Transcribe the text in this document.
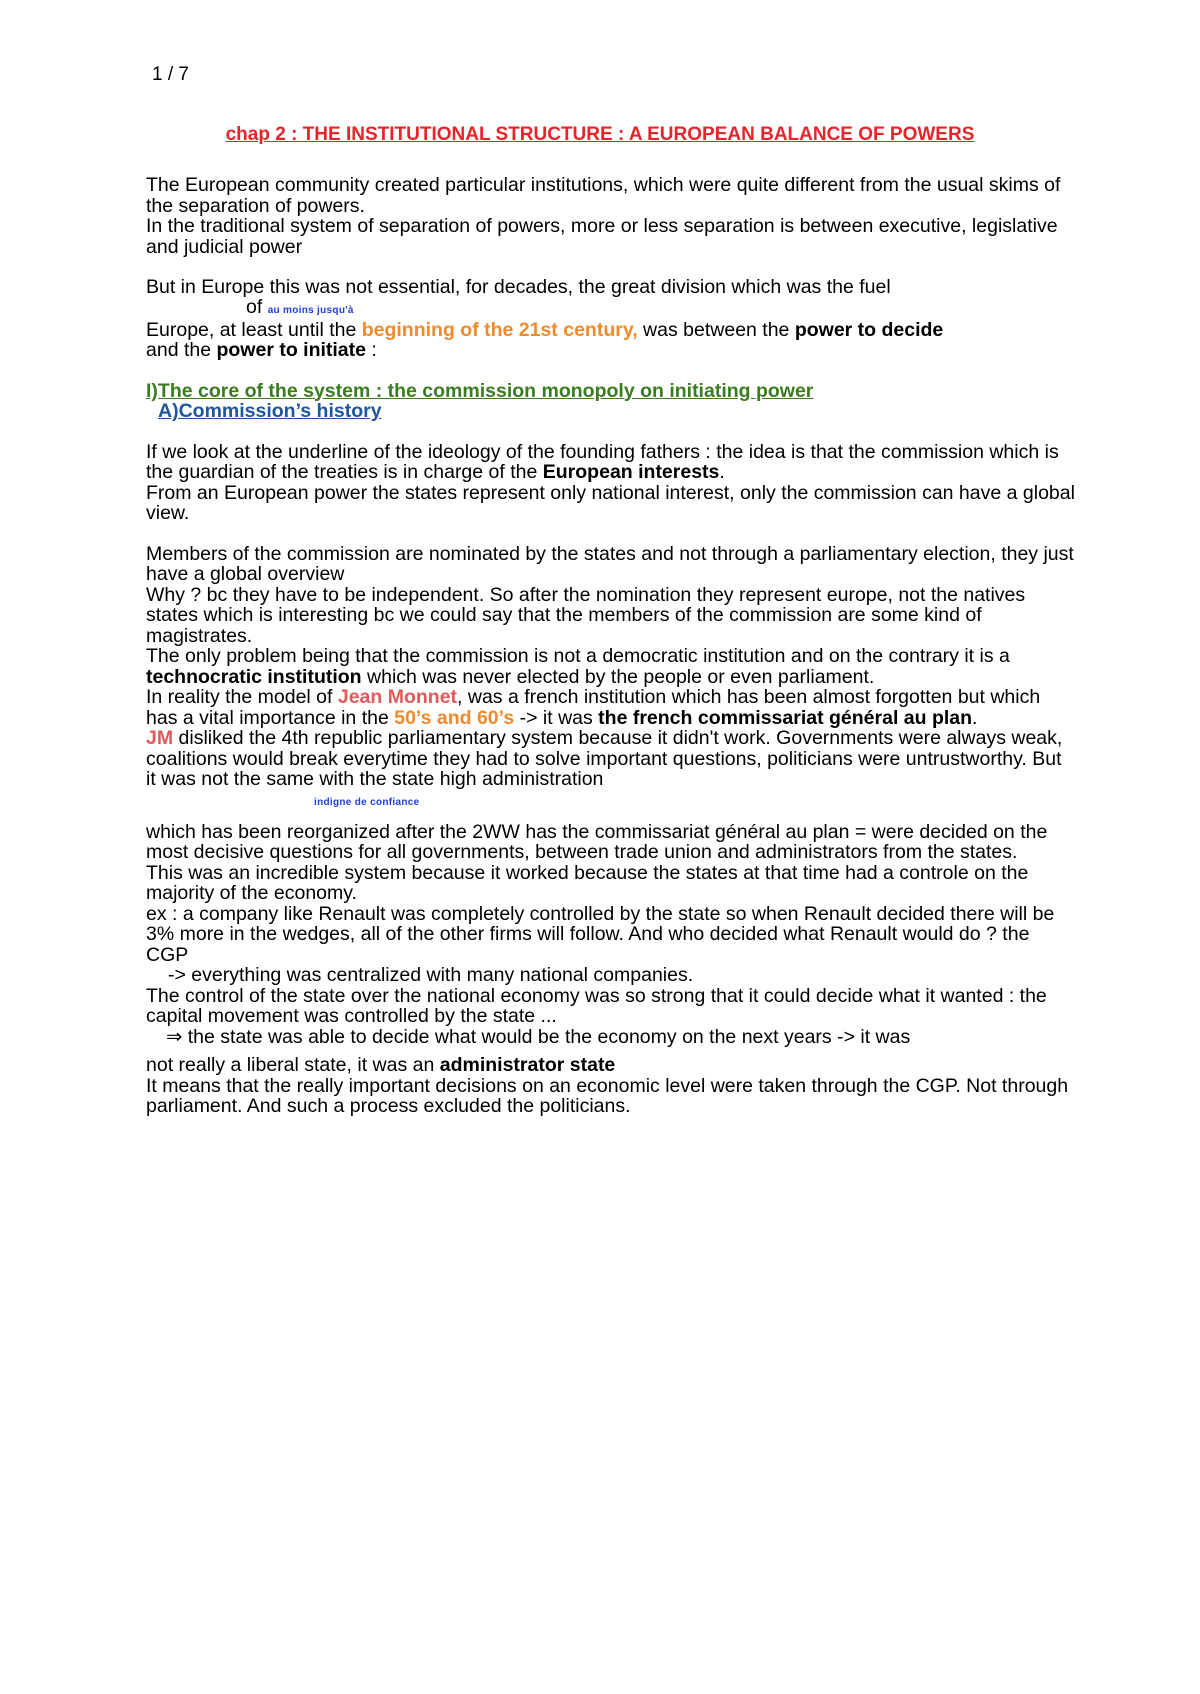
1 / 7
chap 2 : THE INSTITUTIONAL STRUCTURE : A EUROPEAN BALANCE OF POWERS

The European community created particular institutions, which were quite different from the usual skims of the separation of powers.

In the traditional system of separation of powers, more or less separation is between executive, legislative and judicial power

But in Europe this was not essential, for decades, the great division which was the fuel

of au moins jusqu'à

Europe, at least until the beginning of the 21st century, was between the power to decide

and the power to initiate :

I)The core of the system : the commission monopoly on initiating power

A)Commission’s history

If we look at the underline of the ideology of the founding fathers : the idea is that the commission which is the guardian of the treaties is in charge of the European interests.

From an European power the states represent only national interest, only the commission can have a global view.

Members of the commission are nominated by the states and not through a parliamentary election, they just have a global overview

Why ? bc they have to be independent. So after the nomination they represent europe, not the natives states which is interesting bc we could say that the members of the commission are some kind of magistrates.

The only problem being that the commission is not a democratic institution and on the contrary it is a technocratic institution which was never elected by the people or even parliament.

In reality the model of Jean Monnet, was a french institution which has been almost forgotten but which has a vital importance in the 50’s and 60’s -> it was the french commissariat général au plan.

JM disliked the 4th republic parliamentary system because it didn't work. Governments were always weak, coalitions would break everytime they had to solve important questions, politicians were untrustworthy. But it was not the same with the state high administration

indigne de confiance

which has been reorganized after the 2WW has the commissariat général au plan = were decided on the most decisive questions for all governments, between trade union and administrators from the states.

This was an incredible system because it worked because the states at that time had a controle on the majority of the economy.

ex : a company like Renault was completely controlled by the state so when Renault decided there will be 3% more in the wedges, all of the other firms will follow. And who decided what Renault would do ? the CGP

-> everything was centralized with many national companies.

The control of the state over the national economy was so strong that it could decide what it wanted : the capital movement was controlled by the state ...

⇒ the state was able to decide what would be the economy on the next years -> it was

not really a liberal state, it was an administrator state

It means that the really important decisions on an economic level were taken through the CGP. Not through parliament. And such a process excluded the politicians.
